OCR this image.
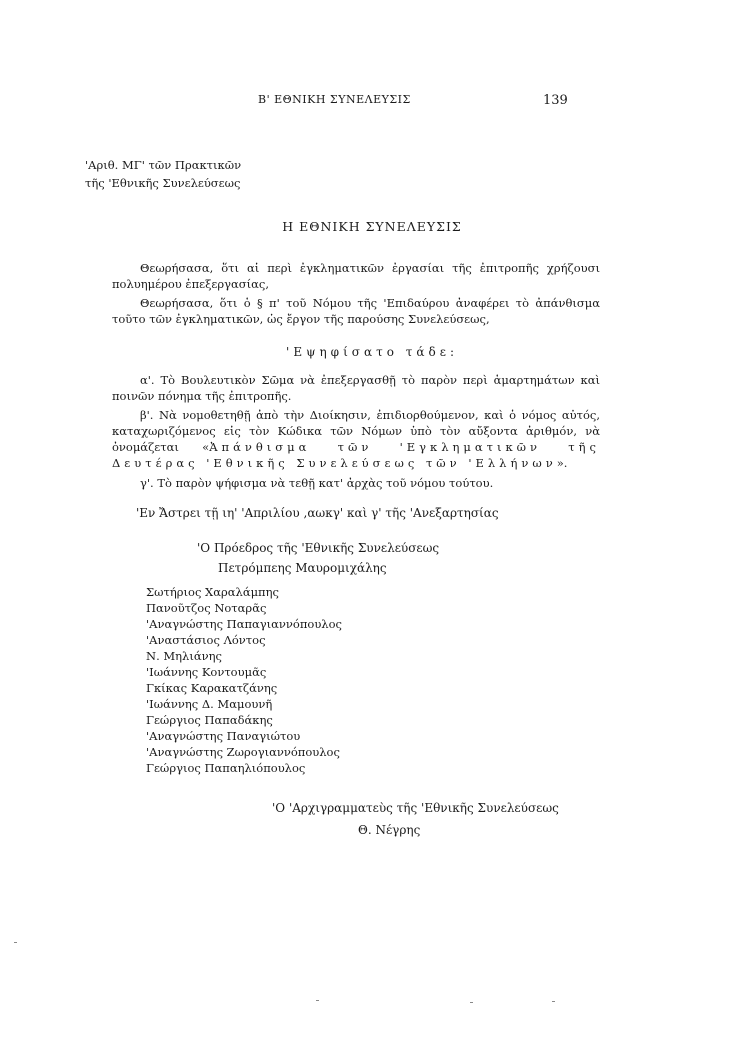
Β' ΕΘΝΙΚΗ ΣΥΝΕΛΕΥΣΙΣ	139
'Αριθ. ΜΓ' τῶν Πρακτικῶν
τῆς 'Εθνικῆς Συνελεύσεως
Η ΕΘΝΙΚΗ ΣΥΝΕΛΕΥΣΙΣ

Θεωρήσασα, ὅτι αἱ περὶ ἐγκληματικῶν ἐργασίαι τῆς ἐπιτροπῆς χρήζουσι πολυημέρου ἐπεξεργασίας,

Θεωρήσασα, ὅτι ὁ § π' τοῦ Νόμου τῆς 'Επιδαύρου ἀναφέρει τὸ ἀπάνθισμα τοῦτο τῶν ἐγκληματικῶν, ὡς ἔργον τῆς παρούσης Συνελεύσεως,

'Εψηφίσατο τάδε:

α'. Τὸ Βουλευτικὸν Σῶμα νὰ ἐπεξεργασθῇ τὸ παρὸν περὶ ἁμαρτημάτων καὶ ποινῶν πόνημα τῆς ἐπιτροπῆς.

β'. Νὰ νομοθετηθῇ ἀπὸ τὴν Διοίκησιν, ἐπιδιορθούμενον, καὶ ὁ νόμος αὐτός, καταχωριζόμενος εἰς τὸν Κώδικα τῶν Νόμων ὑπὸ τὸν αὔξοντα ἀριθμόν, νὰ ὀνομάζεται «Ἀπάνθισμα τῶν 'Εγκληματικῶν τῆς Δευτέρας 'Εθνικῆς Συνελεύσεως τῶν 'Ελλήνων».

γ'. Τὸ παρὸν ψήφισμα νὰ τεθῇ κατ' ἀρχὰς τοῦ νόμου τούτου.

'Εν Ἄστρει τῇ ιη' 'Απριλίου ,αωκγ' καὶ γ' τῆς 'Ανεξαρτησίας
'Ο Πρόεδρος τῆς 'Εθνικῆς Συνελεύσεως
Πετρόμπεης Μαυρομιχάλης
Σωτήριος Χαραλάμπης
Πανοῦτζος Νοταρᾶς
'Αναγνώστης Παπαγιαννόπουλος
'Αναστάσιος Λόντος
Ν. Μηλιάνης
'Ιωάννης Κοντουμᾶς
Γκίκας Καρακατζάνης
'Ιωάννης Δ. Μαμουνῆ
Γεώργιος Παπαδάκης
'Αναγνώστης Παναγιώτου
'Αναγνώστης Ζωρογιαννόπουλος
Γεώργιος Παπαηλιόπουλος
'Ο 'Αρχιγραμματεὺς τῆς 'Εθνικῆς Συνελεύσεως
Θ. Νέγρης
